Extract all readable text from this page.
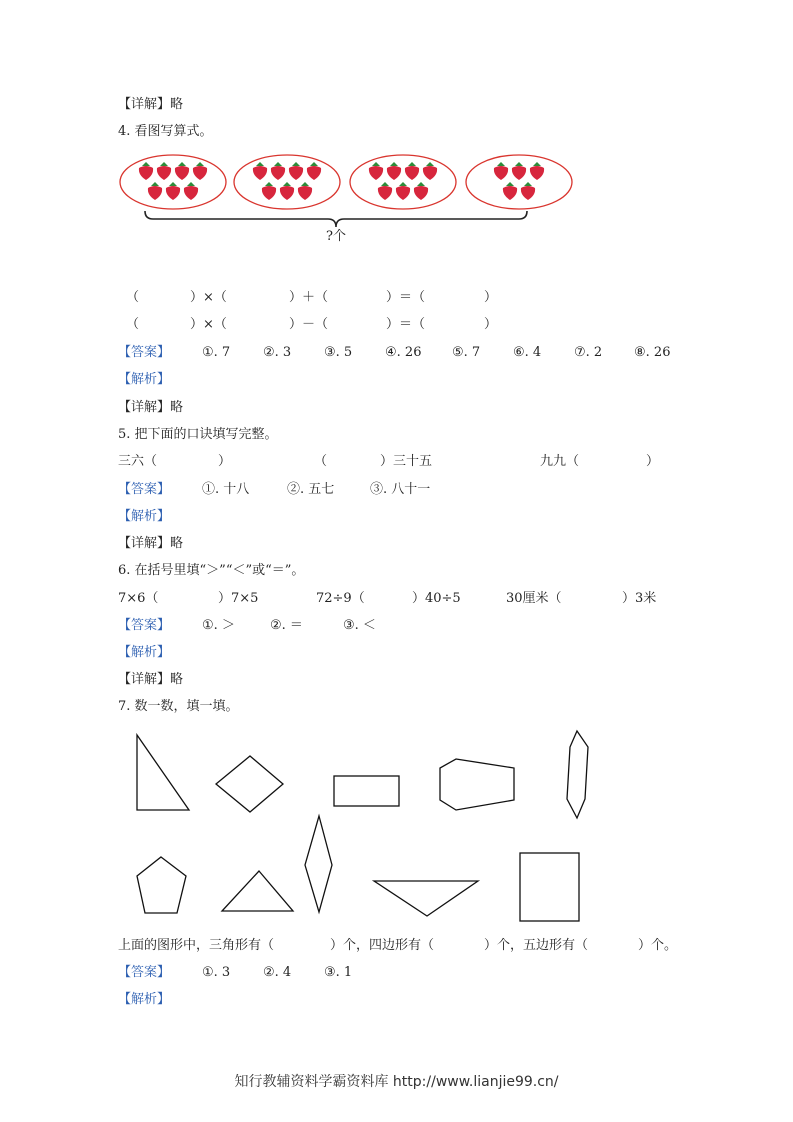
【详解】略
4. 看图写算式。
?个
（	）×（	）＋（	）＝（	）
（	）×（	）－（	）＝（	）
【答案】 ①. 7	②. 3	③. 5	④. 26 ⑤. 7	⑥. 4	⑦. 2 ⑧. 26
【解析】
【详解】略
5. 把下面的口诀填写完整。
三六（	）	（	）三十五	九九（	）
【答案】 ①. 十八	②. 五七	③. 八十一
【解析】
【详解】略
6. 在括号里填“＞”“＜”或“＝”。
7×6（	）7×5	72÷9（	）40÷5	30厘米（	）3米
【答案】 ①. ＞	②. ＝	③. ＜
【解析】
【详解】略
7. 数一数，填一填。
上面的图形中，三角形有（	）个，四边形有（	）个，五边形有（	）个。
【答案】 ①. 3	②. 4	③. 1
【解析】
知行教辅资料学霸资料库 http://www.lianjie99.cn/
